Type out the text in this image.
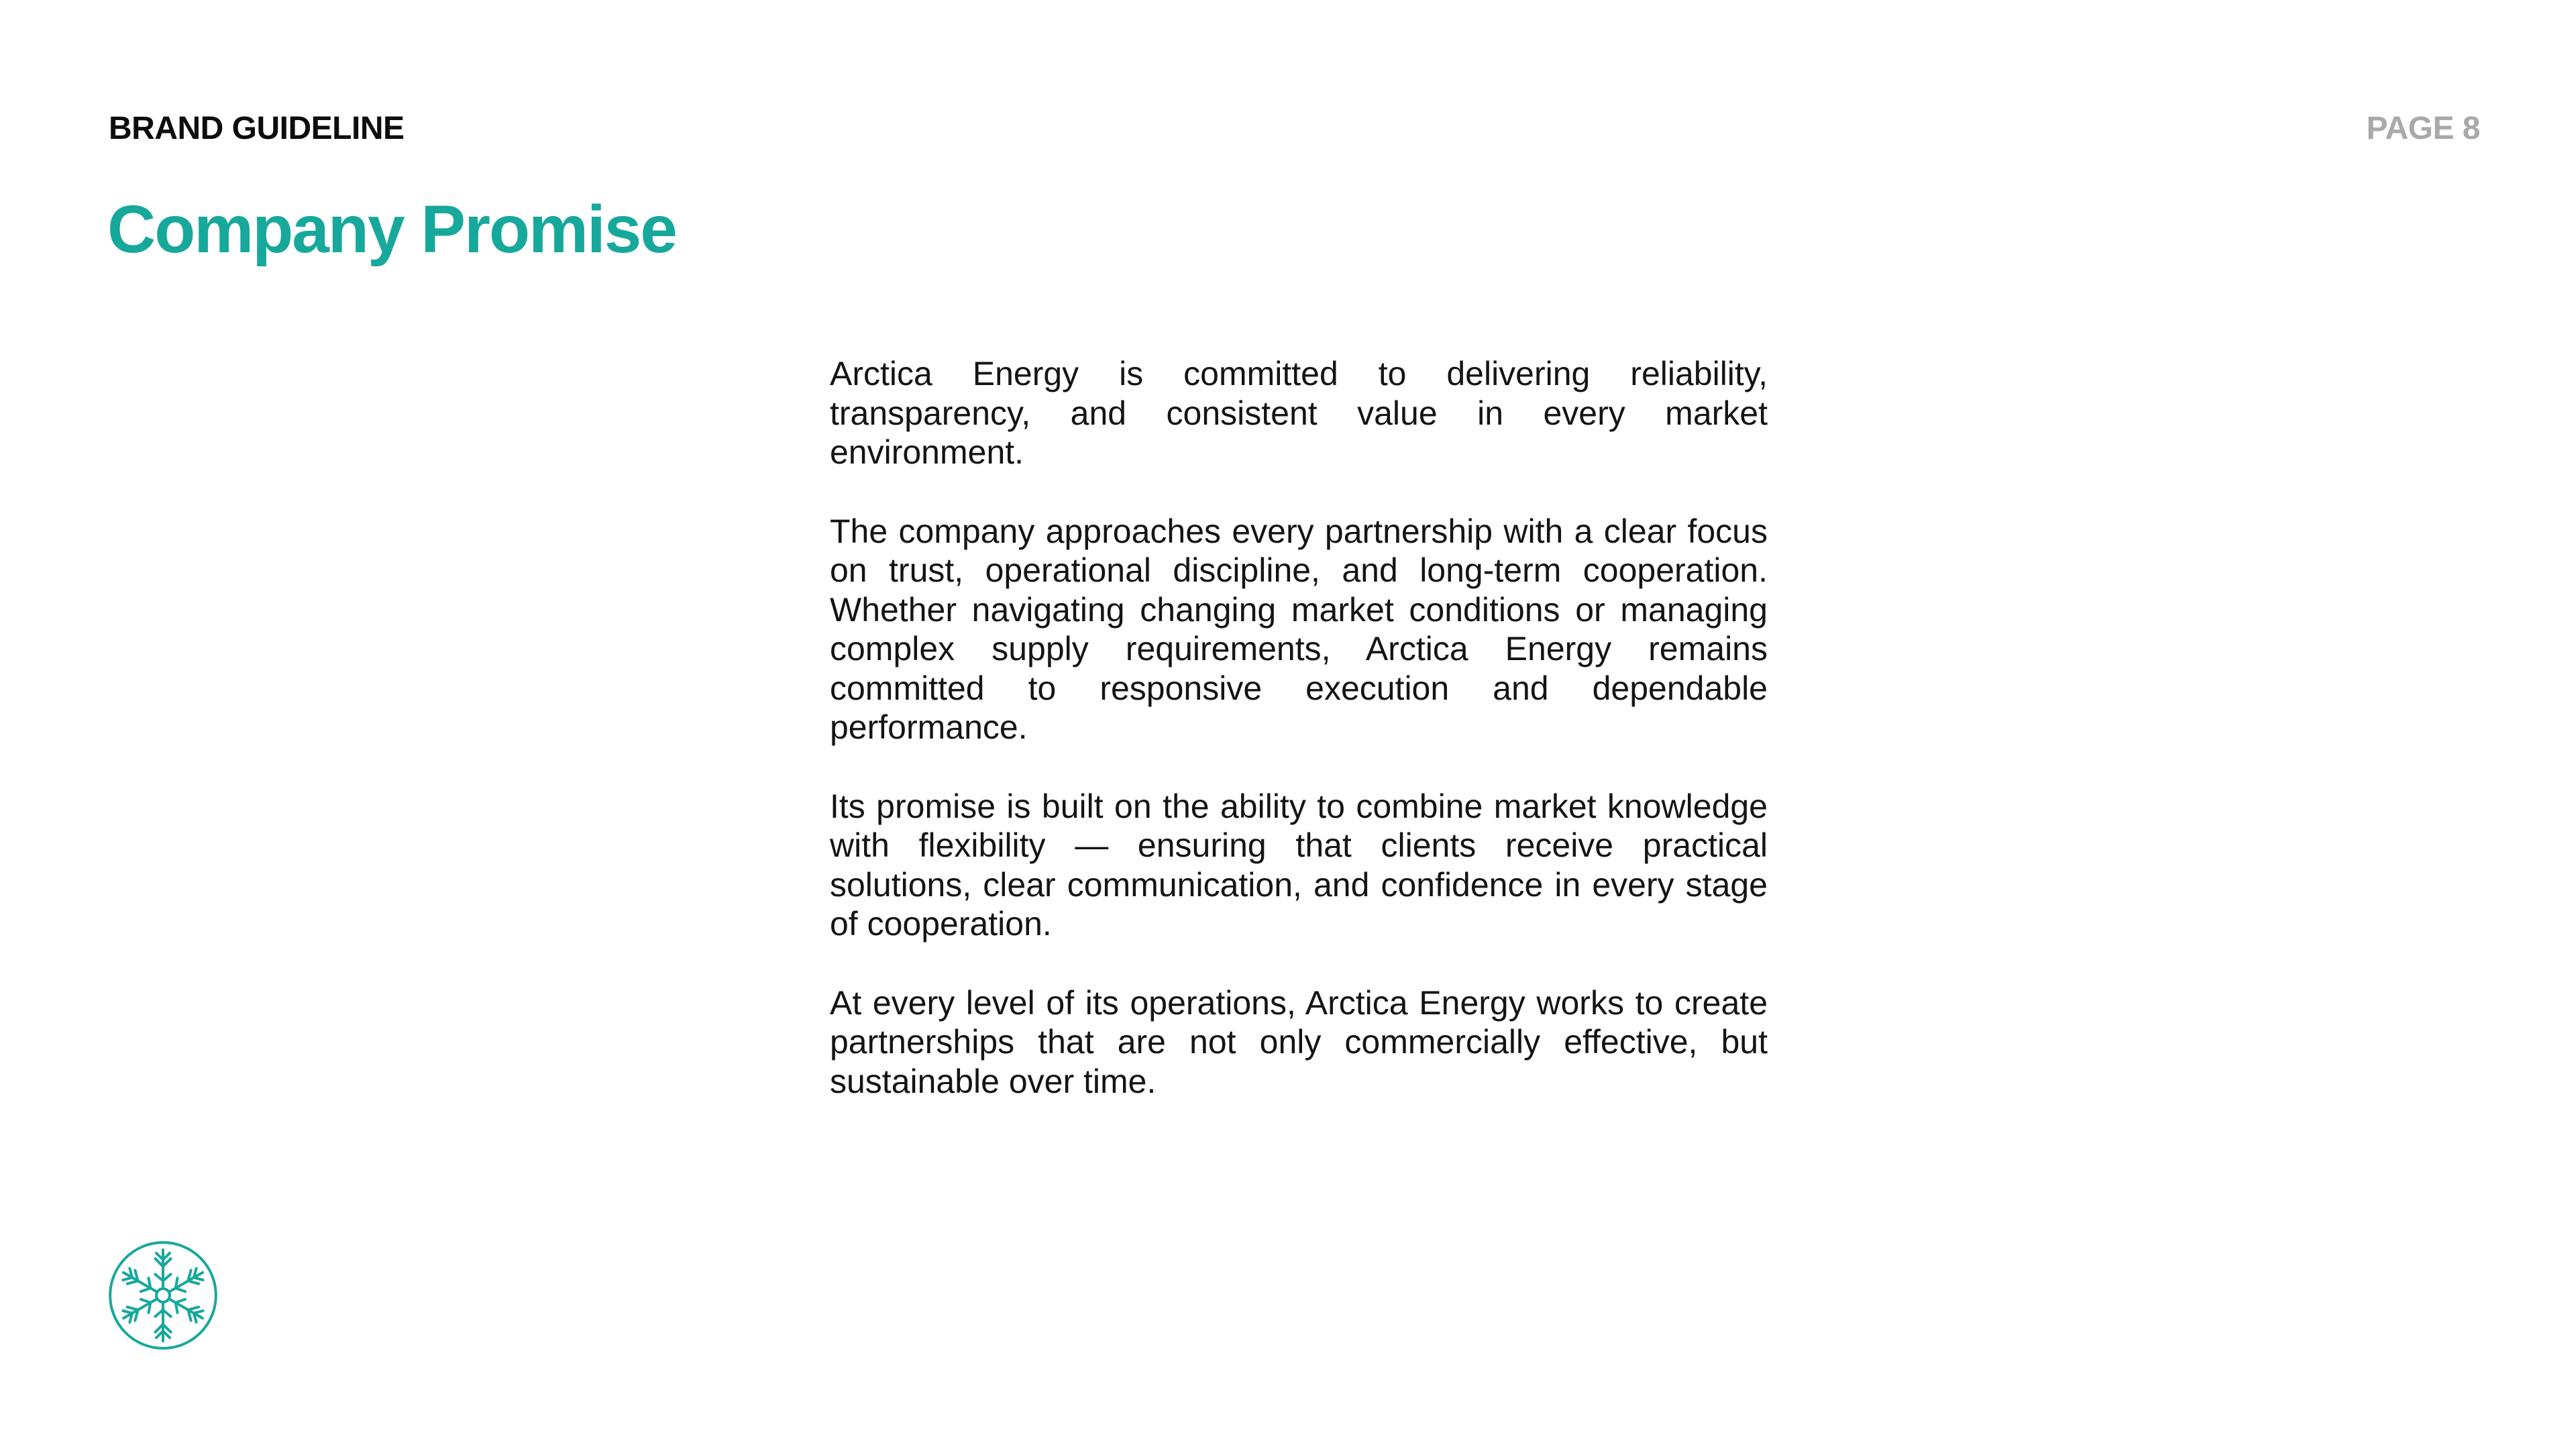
BRAND GUIDELINE	PAGE 8
Company Promise

Arctica Energy is committed to delivering reliability, transparency, and consistent value in every market environment.

The company approaches every partnership with a clear focus on trust, operational discipline, and long-term cooperation. Whether navigating changing market conditions or managing complex supply requirements, Arctica Energy remains committed to responsive execution and dependable performance.

Its promise is built on the ability to combine market knowledge with flexibility — ensuring that clients receive practical solutions, clear communication, and confidence in every stage of cooperation.

At every level of its operations, Arctica Energy works to create partnerships that are not only commercially effective, but sustainable over time.
